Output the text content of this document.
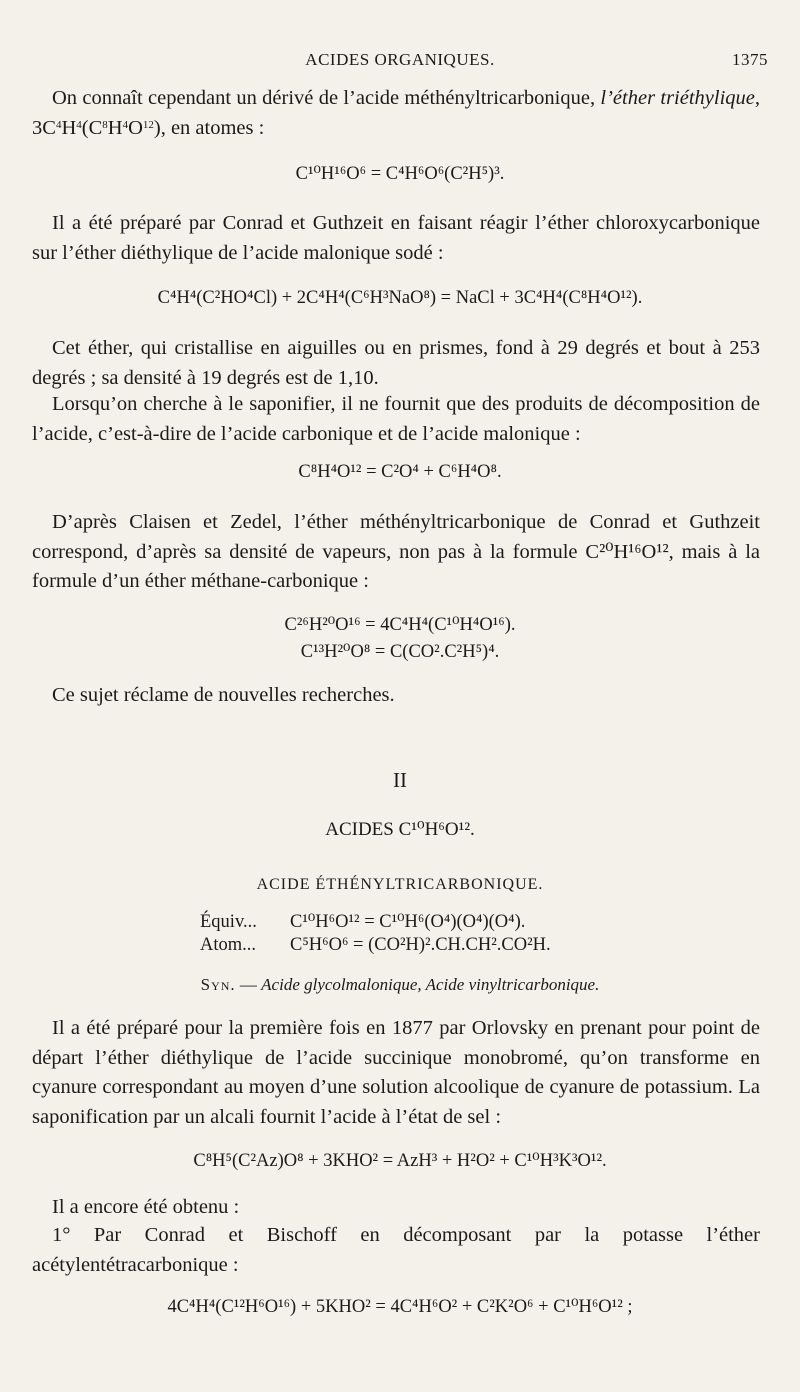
ACIDES ORGANIQUES.	1375
On connaît cependant un dérivé de l’acide méthényltricarbonique, l’éther triéthylique, $3C^4H^4(C^8H^4O^{12})$, en atomes :
C¹⁰H¹⁶O⁶ = C⁴H⁶O⁶(C²H⁵)³.
Il a été préparé par Conrad et Guthzeit en faisant réagir l’éther chloroxycarbonique sur l’éther diéthylique de l’acide malonique sodé :
C⁴H⁴(C²HO⁴Cl) + 2C⁴H⁴(C⁶H³NaO⁸) = NaCl + 3C⁴H⁴(C⁸H⁴O¹²).
Cet éther, qui cristallise en aiguilles ou en prismes, fond à 29 degrés et bout à 253 degrés ; sa densité à 19 degrés est de 1,10.
Lorsqu’on cherche à le saponifier, il ne fournit que des produits de décomposition de l’acide, c’est-à-dire de l’acide carbonique et de l’acide malonique :
C⁸H⁴O¹² = C²O⁴ + C⁶H⁴O⁸.
D’après Claisen et Zedel, l’éther méthényltricarbonique de Conrad et Guthzeit correspond, d’après sa densité de vapeurs, non pas à la formule C²⁰H¹⁶O¹², mais à la formule d’un éther méthane-carbonique :
C²⁶H²⁰O¹⁶ = 4C⁴H⁴(C¹⁰H⁴O¹⁶).
C¹³H²⁰O⁸ = C(CO².C²H⁵)⁴.
Ce sujet réclame de nouvelles recherches.
II
ACIDES C¹⁰H⁶O¹².
ACIDE ÉTHÉNYLTRICARBONIQUE.
Équiv... C¹⁰H⁶O¹² = C¹⁰H⁶(O⁴)(O⁴)(O⁴).
Atom... C⁵H⁶O⁶ = (CO²H)².CH.CH².CO²H.
Syn. — Acide glycolmalonique, Acide vinyltricarbonique.
Il a été préparé pour la première fois en 1877 par Orlovsky en prenant pour point de départ l’éther diéthylique de l’acide succinique monobromé, qu’on transforme en cyanure correspondant au moyen d’une solution alcoolique de cyanure de potassium. La saponification par un alcali fournit l’acide à l’état de sel :
C⁸H⁵(C²Az)O⁸ + 3KHO² = AzH³ + H²O² + C¹⁰H³K³O¹².
Il a encore été obtenu :
1° Par Conrad et Bischoff en décomposant par la potasse l’éther acétylentétracarbonique :
4C⁴H⁴(C¹²H⁶O¹⁶) + 5KHO² = 4C⁴H⁶O² + C²K²O⁶ + C¹⁰H⁶O¹² ;
